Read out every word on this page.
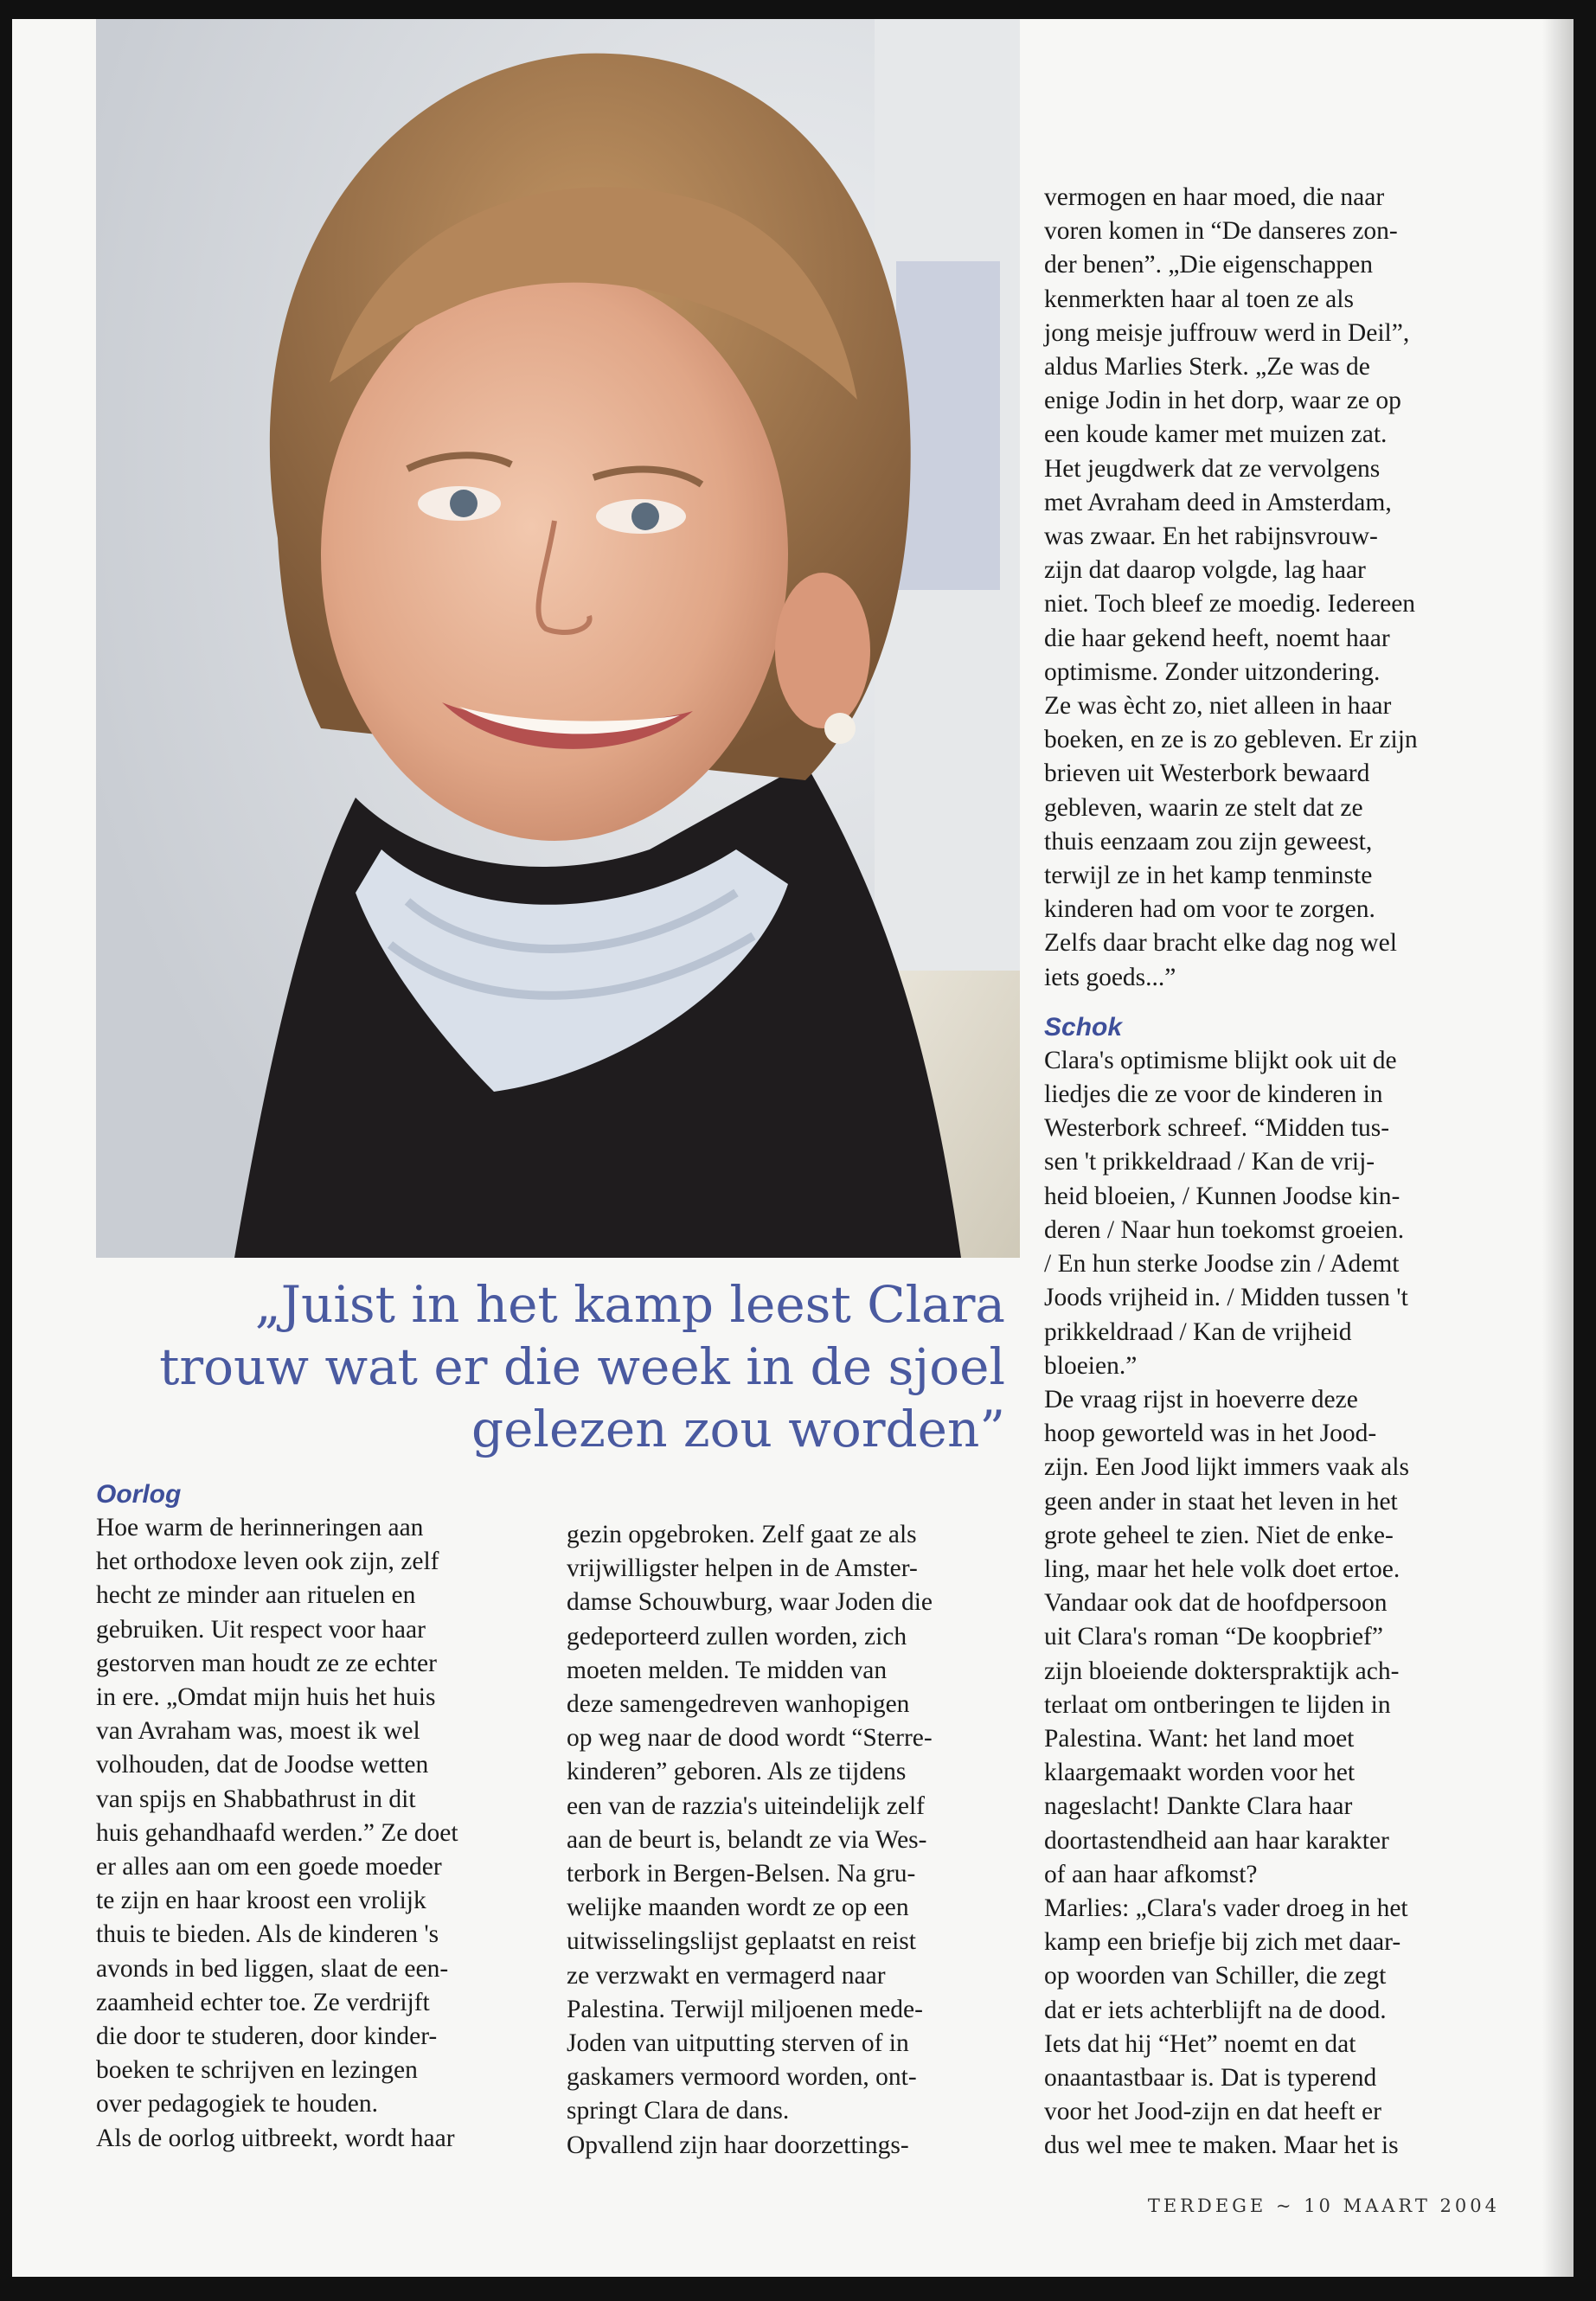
„Juist in het kamp leest Clara
trouw wat er die week in de sjoel
gelezen zou worden”

Oorlog

Hoe warm de herinneringen aan

het orthodoxe leven ook zijn, zelf

hecht ze minder aan rituelen en

gebruiken. Uit respect voor haar

gestorven man houdt ze ze echter

in ere. „Omdat mijn huis het huis

van Avraham was, moest ik wel

volhouden, dat de Joodse wetten

van spijs en Shabbathrust in dit

huis gehandhaafd werden.” Ze doet

er alles aan om een goede moeder

te zijn en haar kroost een vrolijk

thuis te bieden. Als de kinderen 's

avonds in bed liggen, slaat de een-

zaamheid echter toe. Ze verdrijft

die door te studeren, door kinder-

boeken te schrijven en lezingen

over pedagogiek te houden.

Als de oorlog uitbreekt, wordt haar

gezin opgebroken. Zelf gaat ze als

vrijwilligster helpen in de Amster-

damse Schouwburg, waar Joden die

gedeporteerd zullen worden, zich

moeten melden. Te midden van

deze samengedreven wanhopigen

op weg naar de dood wordt “Sterre-

kinderen” geboren. Als ze tijdens

een van de razzia's uiteindelijk zelf

aan de beurt is, belandt ze via Wes-

terbork in Bergen-Belsen. Na gru-

welijke maanden wordt ze op een

uitwisselingslijst geplaatst en reist

ze verzwakt en vermagerd naar

Palestina. Terwijl miljoenen mede-

Joden van uitputting sterven of in

gaskamers vermoord worden, ont-

springt Clara de dans.

Opvallend zijn haar doorzettings-

vermogen en haar moed, die naar

voren komen in “De danseres zon-

der benen”. „Die eigenschappen

kenmerkten haar al toen ze als

jong meisje juffrouw werd in Deil”,

aldus Marlies Sterk. „Ze was de

enige Jodin in het dorp, waar ze op

een koude kamer met muizen zat.

Het jeugdwerk dat ze vervolgens

met Avraham deed in Amsterdam,

was zwaar. En het rabijnsvrouw-

zijn dat daarop volgde, lag haar

niet. Toch bleef ze moedig. Iedereen

die haar gekend heeft, noemt haar

optimisme. Zonder uitzondering.

Ze was ècht zo, niet alleen in haar

boeken, en ze is zo gebleven. Er zijn

brieven uit Westerbork bewaard

gebleven, waarin ze stelt dat ze

thuis eenzaam zou zijn geweest,

terwijl ze in het kamp tenminste

kinderen had om voor te zorgen.

Zelfs daar bracht elke dag nog wel

iets goeds...”

Schok

Clara's optimisme blijkt ook uit de

liedjes die ze voor de kinderen in

Westerbork schreef. “Midden tus-

sen 't prikkeldraad / Kan de vrij-

heid bloeien, / Kunnen Joodse kin-

deren / Naar hun toekomst groeien.

/ En hun sterke Joodse zin / Ademt

Joods vrijheid in. / Midden tussen 't

prikkeldraad / Kan de vrijheid

bloeien.”

De vraag rijst in hoeverre deze

hoop geworteld was in het Jood-

zijn. Een Jood lijkt immers vaak als

geen ander in staat het leven in het

grote geheel te zien. Niet de enke-

ling, maar het hele volk doet ertoe.

Vandaar ook dat de hoofdpersoon

uit Clara's roman “De koopbrief”

zijn bloeiende dokterspraktijk ach-

terlaat om ontberingen te lijden in

Palestina. Want: het land moet

klaargemaakt worden voor het

nageslacht! Dankte Clara haar

doortastendheid aan haar karakter

of aan haar afkomst?

Marlies: „Clara's vader droeg in het

kamp een briefje bij zich met daar-

op woorden van Schiller, die zegt

dat er iets achterblijft na de dood.

Iets dat hij “Het” noemt en dat

onaantastbaar is. Dat is typerend

voor het Jood-zijn en dat heeft er

dus wel mee te maken. Maar het is

TERDEGE ~ 10 MAART 2004
